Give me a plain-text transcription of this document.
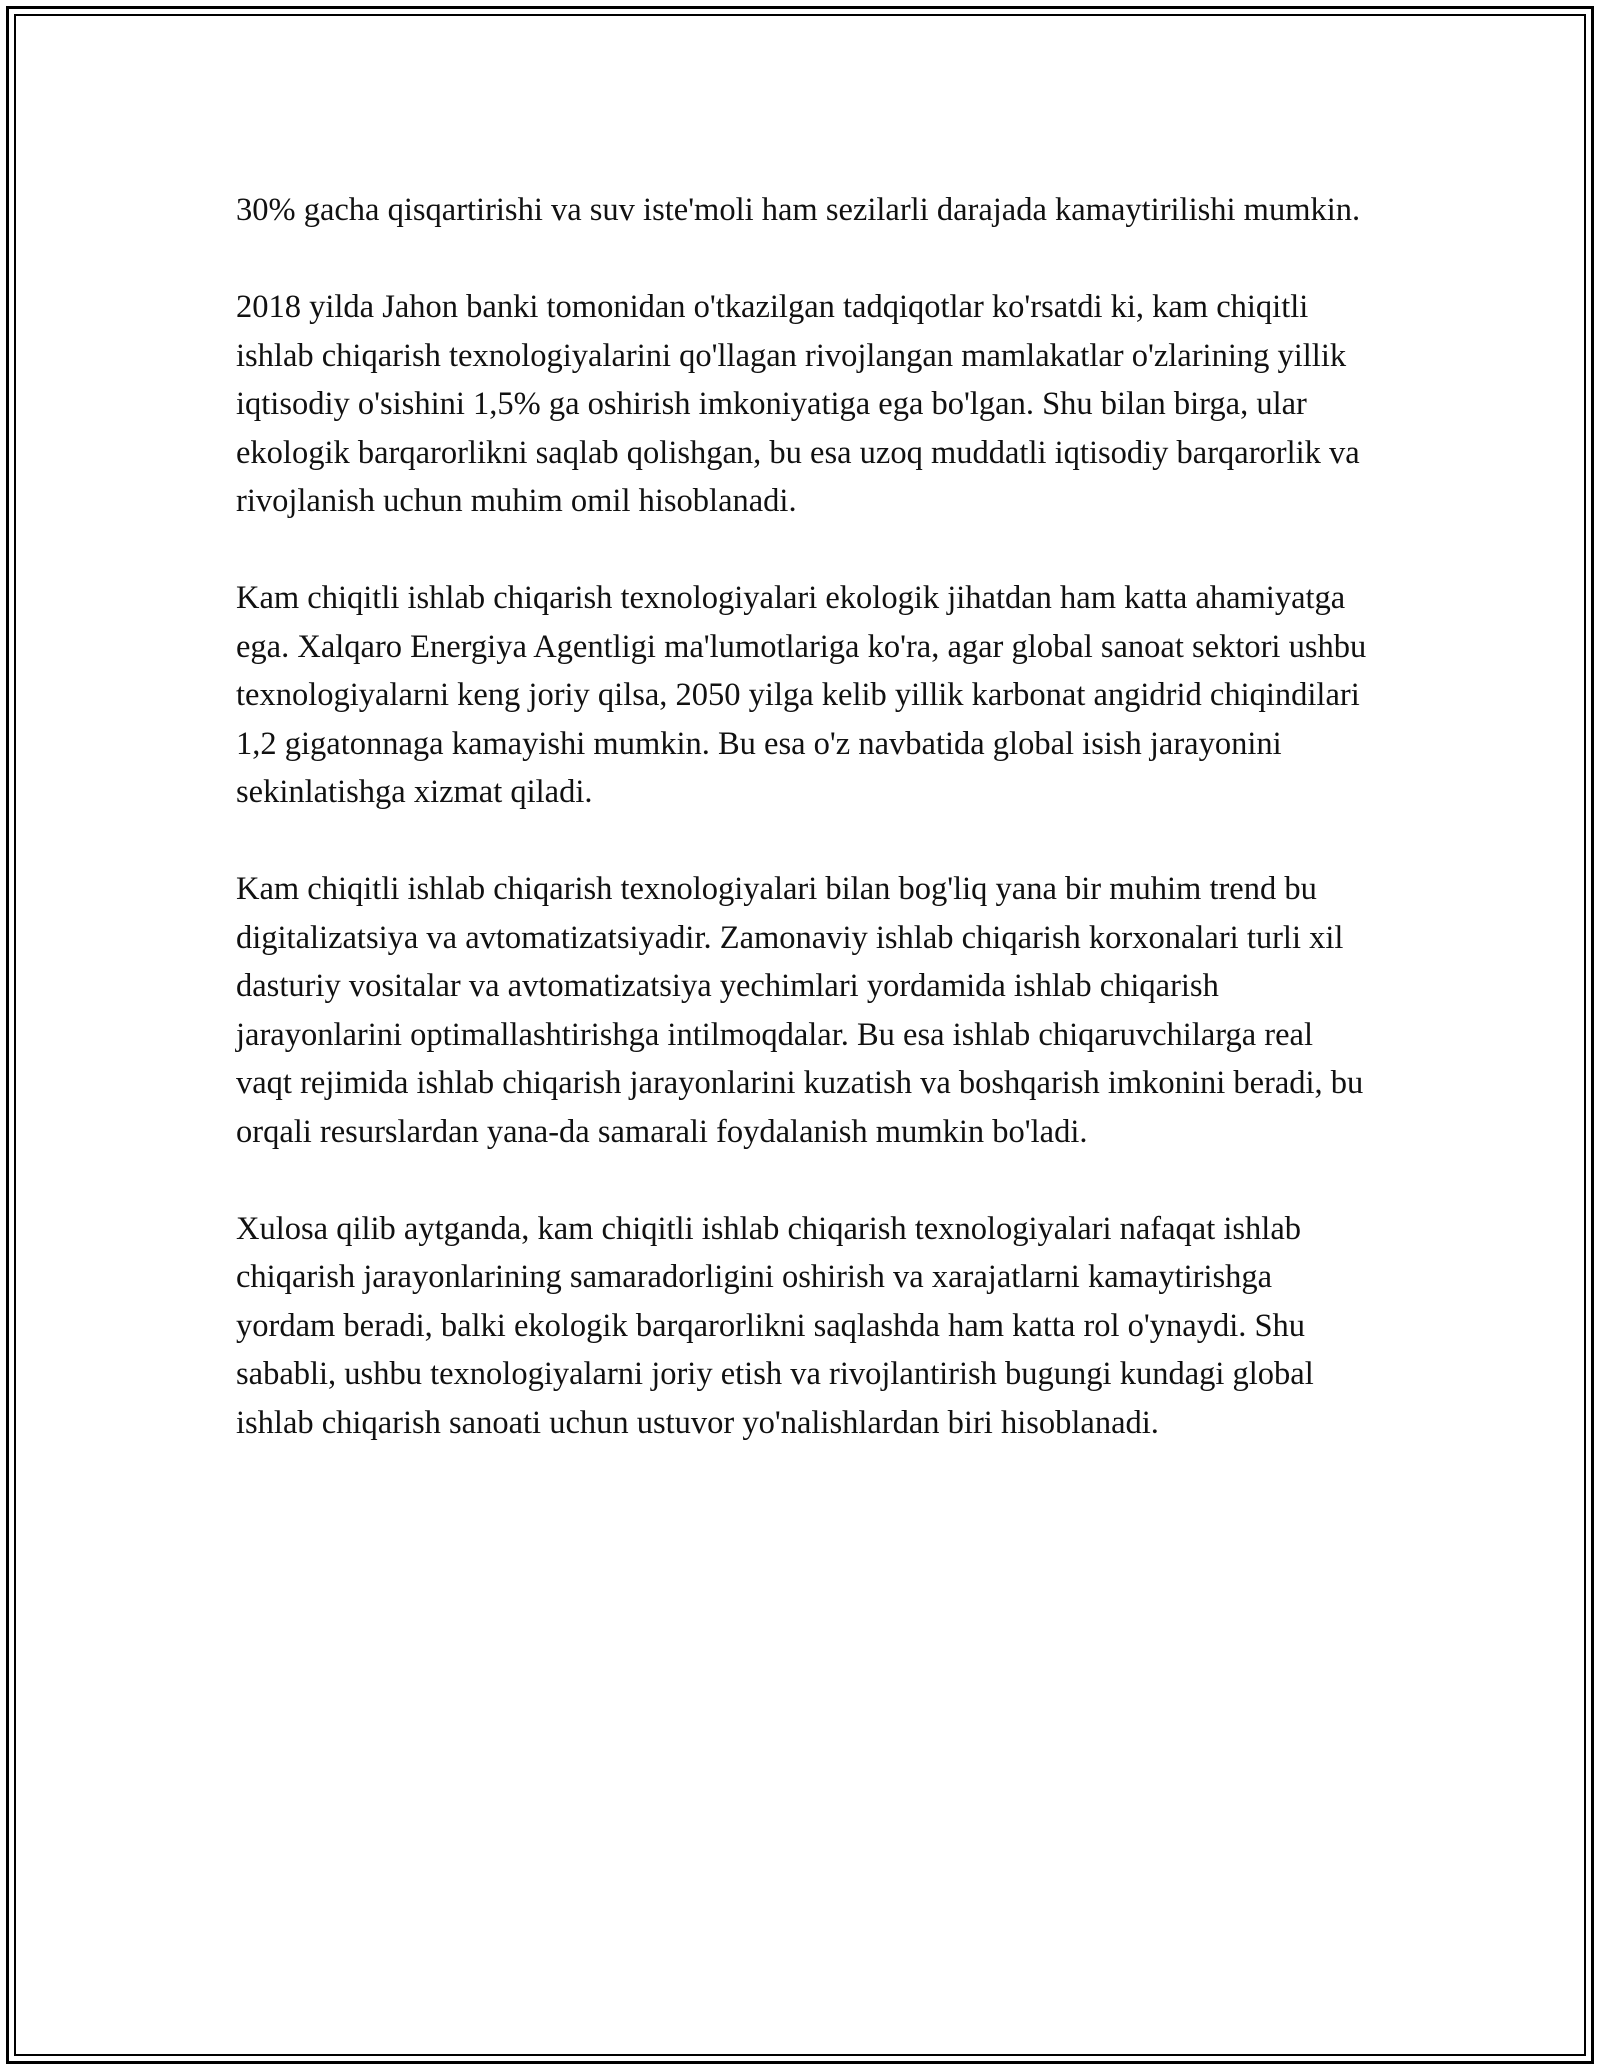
30% gacha qisqartirishi va suv iste'moli ham sezilarli darajada kamaytirilishi mumkin.

2018 yilda Jahon banki tomonidan o'tkazilgan tadqiqotlar ko'rsatdi ki, kam chiqitli ishlab chiqarish texnologiyalarini qo'llagan rivojlangan mamlakatlar o'zlarining yillik iqtisodiy o'sishini 1,5% ga oshirish imkoniyatiga ega bo'lgan. Shu bilan birga, ular ekologik barqarorlikni saqlab qolishgan, bu esa uzoq muddatli iqtisodiy barqarorlik va rivojlanish uchun muhim omil hisoblanadi.

Kam chiqitli ishlab chiqarish texnologiyalari ekologik jihatdan ham katta ahamiyatga ega. Xalqaro Energiya Agentligi ma'lumotlariga ko'ra, agar global sanoat sektori ushbu texnologiyalarni keng joriy qilsa, 2050 yilga kelib yillik karbonat angidrid chiqindilari 1,2 gigatonnaga kamayishi mumkin. Bu esa o'z navbatida global isish jarayonini sekinlatishga xizmat qiladi.

Kam chiqitli ishlab chiqarish texnologiyalari bilan bog'liq yana bir muhim trend bu digitalizatsiya va avtomatizatsiyadir. Zamonaviy ishlab chiqarish korxonalari turli xil dasturiy vositalar va avtomatizatsiya yechimlari yordamida ishlab chiqarish jarayonlarini optimallashtirishga intilmoqdalar. Bu esa ishlab chiqaruvchilarga real vaqt rejimida ishlab chiqarish jarayonlarini kuzatish va boshqarish imkonini beradi, bu orqali resurslardan yana-da samarali foydalanish mumkin bo'ladi.

Xulosa qilib aytganda, kam chiqitli ishlab chiqarish texnologiyalari nafaqat ishlab chiqarish jarayonlarining samaradorligini oshirish va xarajatlarni kamaytirishga yordam beradi, balki ekologik barqarorlikni saqlashda ham katta rol o'ynaydi. Shu sababli, ushbu texnologiyalarni joriy etish va rivojlantirish bugungi kundagi global ishlab chiqarish sanoati uchun ustuvor yo'nalishlardan biri hisoblanadi.
